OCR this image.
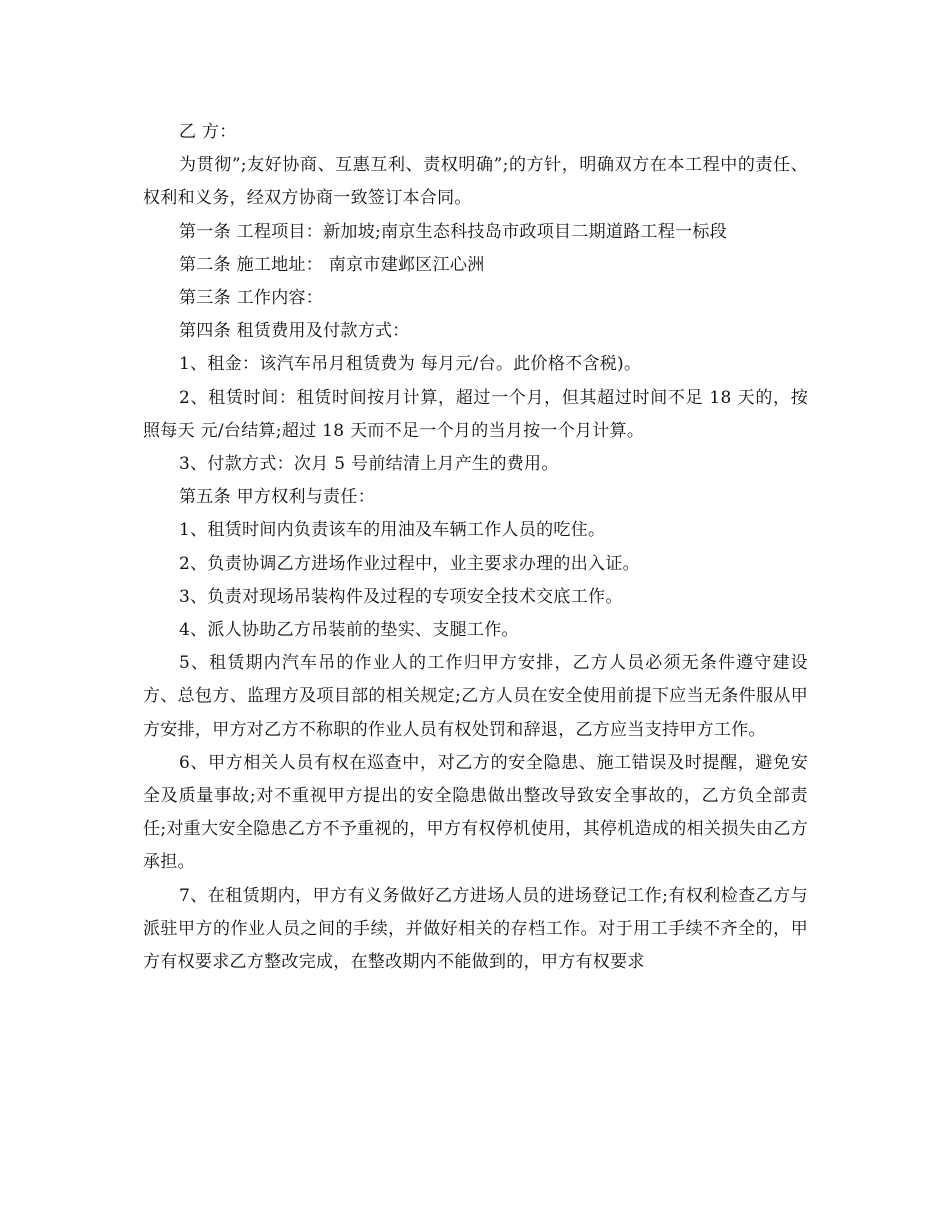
乙 方：

为贯彻”;友好协商、互惠互利、责权明确”;的方针，明确双方在本工程中的责任、权利和义务，经双方协商一致签订本合同。

第一条 工程项目：新加坡;南京生态科技岛市政项目二期道路工程一标段

第二条 施工地址： 南京市建邺区江心洲

第三条 工作内容：

第四条 租赁费用及付款方式：

1、租金：该汽车吊月租赁费为 每月元/台。此价格不含税)。

2、租赁时间：租赁时间按月计算，超过一个月，但其超过时间不足 18 天的，按照每天 元/台结算;超过 18 天而不足一个月的当月按一个月计算。

3、付款方式：次月 5 号前结清上月产生的费用。

第五条 甲方权利与责任：

1、租赁时间内负责该车的用油及车辆工作人员的吃住。

2、负责协调乙方进场作业过程中，业主要求办理的出入证。

3、负责对现场吊装构件及过程的专项安全技术交底工作。

4、派人协助乙方吊装前的垫实、支腿工作。

5、租赁期内汽车吊的作业人的工作归甲方安排，乙方人员必须无条件遵守建设方、总包方、监理方及项目部的相关规定;乙方人员在安全使用前提下应当无条件服从甲方安排，甲方对乙方不称职的作业人员有权处罚和辞退，乙方应当支持甲方工作。

6、甲方相关人员有权在巡查中，对乙方的安全隐患、施工错误及时提醒，避免安全及质量事故;对不重视甲方提出的安全隐患做出整改导致安全事故的，乙方负全部责任;对重大安全隐患乙方不予重视的，甲方有权停机使用，其停机造成的相关损失由乙方承担。

7、在租赁期内，甲方有义务做好乙方进场人员的进场登记工作;有权利检查乙方与派驻甲方的作业人员之间的手续，并做好相关的存档工作。对于用工手续不齐全的，甲方有权要求乙方整改完成，在整改期内不能做到的，甲方有权要求
